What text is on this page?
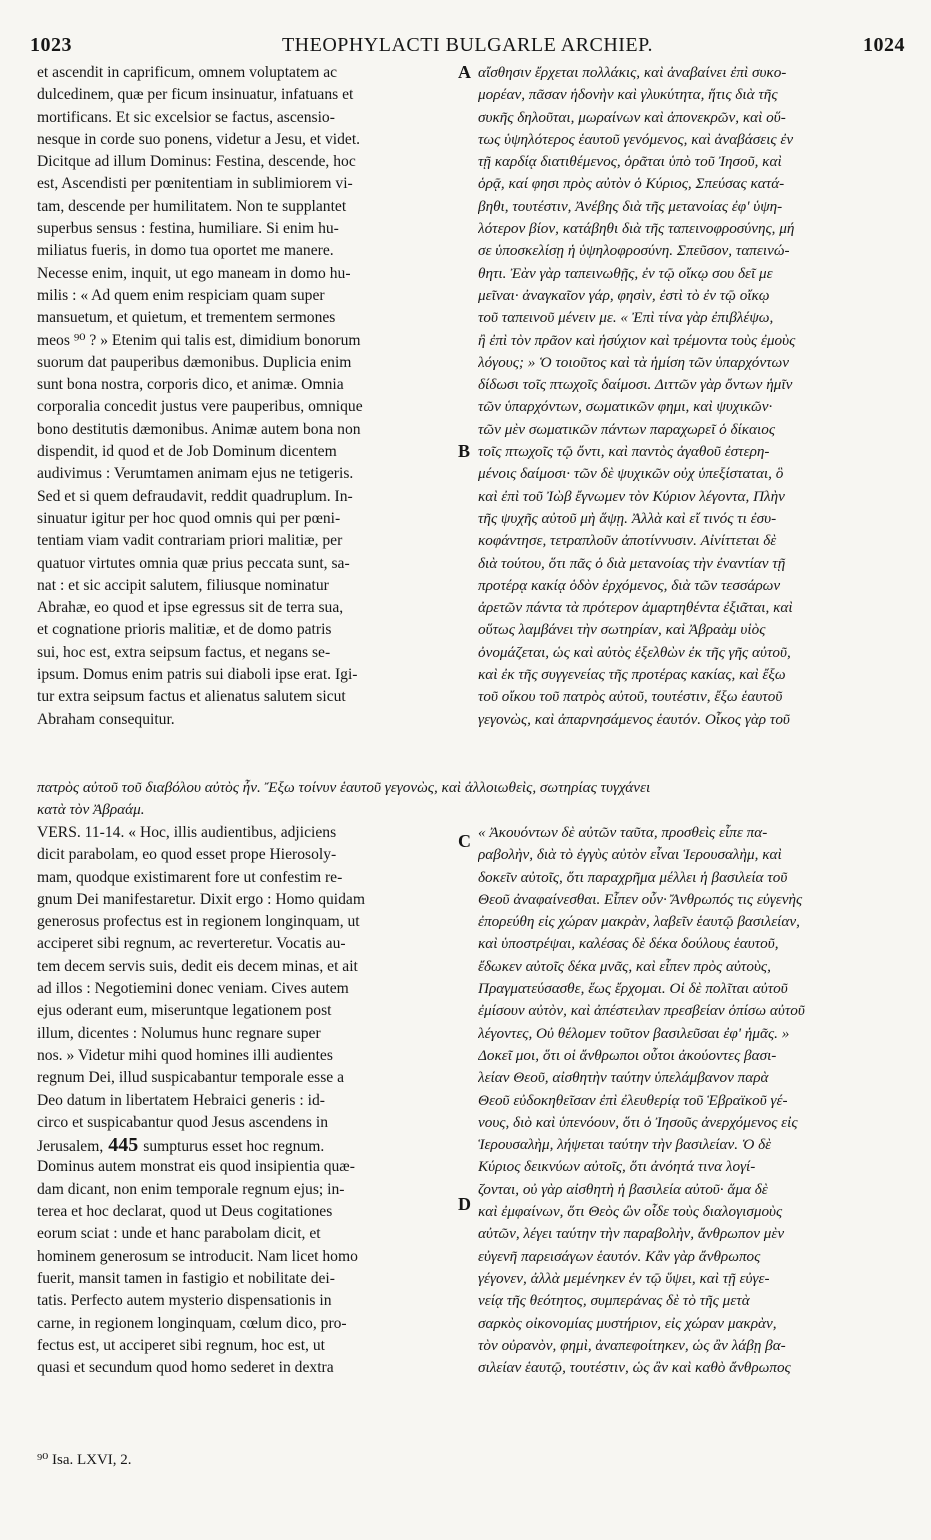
1023	THEOPHYLACTI BULGARLE ARCHIEP.	1024
et ascendit in caprificum, omnem voluptatem ac
dulcedinem, quæ per ficum insinuatur, infatuans et
mortificans. Et sic excelsior se factus, ascensio-
nesque in corde suo ponens, videtur a Jesu, et videt.
Dicitque ad illum Dominus: Festina, descende, hoc
est, Ascendisti per pœnitentiam in sublimiorem vi-
tam, descende per humilitatem. Non te supplantet
superbus sensus : festina, humiliare. Si enim hu-
miliatus fueris, in domo tua oportet me manere.
Necesse enim, inquit, ut ego maneam in domo hu-
milis : « Ad quem enim respiciam quam super
mansuetum, et quietum, et trementem sermones
meos ⁹⁰ ? » Etenim qui talis est, dimidium bonorum
suorum dat pauperibus dæmonibus. Duplicia enim
sunt bona nostra, corporis dico, et animæ. Omnia
corporalia concedit justus vere pauperibus, omnique
bono destitutis dæmonibus. Animæ autem bona non
dispendit, id quod et de Job Dominum dicentem
audivimus : Verumtamen animam ejus ne tetigeris.
Sed et si quem defraudavit, reddit quadruplum. In-
sinuatur igitur per hoc quod omnis qui per pœni-
tentiam viam vadit contrariam priori malitiæ, per
quatuor virtutes omnia quæ prius peccata sunt, sa-
nat : et sic accipit salutem, filiusque nominatur
Abrahæ, eo quod et ipse egressus sit de terra sua,
et cognatione prioris malitiæ, et de domo patris
sui, hoc est, extra seipsum factus, et negans se-
ipsum. Domus enim patris sui diaboli ipse erat. Igi-
tur extra seipsum factus et alienatus salutem sicut
Abraham consequitur.
αἴσθησιν ἔρχεται πολλάκις, καὶ ἀναβαίνει ἐπὶ συκο-
μορέαν, πᾶσαν ἡδονὴν καὶ γλυκύτητα, ἥτις διὰ τῆς
συκῆς δηλοῦται, μωραίνων καὶ ἀπονεκρῶν, καὶ οὕ-
τως ὑψηλότερος ἑαυτοῦ γενόμενος, καὶ ἀναβάσεις ἐν
τῇ καρδίᾳ διατιθέμενος, ὁρᾶται ὑπὸ τοῦ Ἰησοῦ, καὶ
ὁρᾷ, καί φησι πρὸς αὐτὸν ὁ Κύριος, Σπεύσας κατά-
βηθι, τουτέστιν, Ἀνέβης διὰ τῆς μετανοίας ἐφ' ὑψη-
λότερον βίον, κατάβηθι διὰ τῆς ταπεινοφροσύνης, μή
σε ὑποσκελίσῃ ἡ ὑψηλοφροσύνη. Σπεῦσον, ταπεινώ-
θητι. Ἐὰν γὰρ ταπεινωθῇς, ἐν τῷ οἴκῳ σου δεῖ με
μεῖναι· ἀναγκαῖον γάρ, φησὶν, ἐστὶ τὸ ἐν τῷ οἴκῳ
τοῦ ταπεινοῦ μένειν με. « Ἐπὶ τίνα γὰρ ἐπιβλέψω,
ἢ ἐπὶ τὸν πρᾶον καὶ ἡσύχιον καὶ τρέμοντα τοὺς ἐμοὺς
λόγους; » Ὁ τοιοῦτος καὶ τὰ ἡμίση τῶν ὑπαρχόντων
δίδωσι τοῖς πτωχοῖς δαίμοσι. Διττῶν γὰρ ὄντων ἡμῖν
τῶν ὑπαρχόντων, σωματικῶν φημι, καὶ ψυχικῶν·
τῶν μὲν σωματικῶν πάντων παραχωρεῖ ὁ δίκαιος
τοῖς πτωχοῖς τῷ ὄντι, καὶ παντὸς ἀγαθοῦ ἐστερη-
μένοις δαίμοσι· τῶν δὲ ψυχικῶν οὐχ ὑπεξίσταται, ὃ
καὶ ἐπὶ τοῦ Ἰὼβ ἔγνωμεν τὸν Κύριον λέγοντα, Πλὴν
τῆς ψυχῆς αὐτοῦ μὴ ἅψῃ. Ἀλλὰ καὶ εἴ τινός τι ἐσυ-
κοφάντησε, τετραπλοῦν ἀποτίννυσιν. Αἰνίττεται δὲ
διὰ τούτου, ὅτι πᾶς ὁ διὰ μετανοίας τὴν ἐναντίαν τῇ
προτέρᾳ κακίᾳ ὁδὸν ἐρχόμενος, διὰ τῶν τεσσάρων
ἀρετῶν πάντα τὰ πρότερον ἁμαρτηθέντα ἐξιᾶται, καὶ
οὕτως λαμβάνει τὴν σωτηρίαν, καὶ Ἀβραὰμ υἱὸς
ὀνομάζεται, ὡς καὶ αὐτὸς ἐξελθὼν ἐκ τῆς γῆς αὐτοῦ,
καὶ ἐκ τῆς συγγενείας τῆς προτέρας κακίας, καὶ ἔξω
τοῦ οἴκου τοῦ πατρὸς αὐτοῦ, τουτέστιν, ἔξω ἑαυτοῦ
γεγονὼς, καὶ ἀπαρνησάμενος ἑαυτόν. Οἶκος γὰρ τοῦ
πατρὸς αὐτοῦ τοῦ διαβόλου αὐτὸς ἦν. Ἔξω τοίνυν ἑαυτοῦ γεγονὼς, καὶ ἀλλοιωθεὶς, σωτηρίας τυγχάνει
κατὰ τὸν Ἀβραάμ.
VERS. 11-14. « Hoc, illis audientibus, adjiciens
dicit parabolam, eo quod esset prope Hierosoly-
mam, quodque existimarent fore ut confestim re-
gnum Dei manifestaretur. Dixit ergo : Homo quidam
generosus profectus est in regionem longinquam, ut
acciperet sibi regnum, ac reverteretur. Vocatis au-
tem decem servis suis, dedit eis decem minas, et ait
ad illos : Negotiemini donec veniam. Cives autem
ejus oderant eum, miseruntque legationem post
illum, dicentes : Nolumus hunc regnare super
nos. » Videtur mihi quod homines illi audientes
regnum Dei, illud suspicabantur temporale esse a
Deo datum in libertatem Hebraici generis : id-
circo et suspicabantur quod Jesus ascendens in
Jerusalem, 445 sumpturus esset hoc regnum.
Dominus autem monstrat eis quod insipientia quæ-
dam dicant, non enim temporale regnum ejus; in-
terea et hoc declarat, quod ut Deus cogitationes
eorum sciat : unde et hanc parabolam dicit, et
hominem generosum se introducit. Nam licet homo
fuerit, mansit tamen in fastigio et nobilitate dei-
tatis. Perfecto autem mysterio dispensationis in
carne, in regionem longinquam, cœlum dico, pro-
fectus est, ut acciperet sibi regnum, hoc est, ut
quasi et secundum quod homo sederet in dextra
« Ἀκουόντων δὲ αὐτῶν ταῦτα, προσθεὶς εἶπε πα-
ραβολὴν, διὰ τὸ ἐγγὺς αὐτὸν εἶναι Ἱερουσαλὴμ, καὶ
δοκεῖν αὐτοῖς, ὅτι παραχρῆμα μέλλει ἡ βασιλεία τοῦ
Θεοῦ ἀναφαίνεσθαι. Εἶπεν οὖν· Ἄνθρωπός τις εὐγενὴς
ἐπορεύθη εἰς χώραν μακρὰν, λαβεῖν ἑαυτῷ βασιλείαν,
καὶ ὑποστρέψαι, καλέσας δὲ δέκα δούλους ἑαυτοῦ,
ἔδωκεν αὐτοῖς δέκα μνᾶς, καὶ εἶπεν πρὸς αὐτοὺς,
Πραγματεύσασθε, ἕως ἔρχομαι. Οἱ δὲ πολῖται αὐτοῦ
ἐμίσουν αὐτὸν, καὶ ἀπέστειλαν πρεσβείαν ὀπίσω αὐτοῦ
λέγοντες, Οὐ θέλομεν τοῦτον βασιλεῦσαι ἐφ' ἡμᾶς. »
Δοκεῖ μοι, ὅτι οἱ ἄνθρωποι οὗτοι ἀκούοντες βασι-
λείαν Θεοῦ, αἰσθητὴν ταύτην ὑπελάμβανον παρὰ
Θεοῦ εὐδοκηθεῖσαν ἐπὶ ἐλευθερίᾳ τοῦ Ἑβραϊκοῦ γέ-
νους, διὸ καὶ ὑπενόουν, ὅτι ὁ Ἰησοῦς ἀνερχόμενος εἰς
Ἱερουσαλὴμ, λήψεται ταύτην τὴν βασιλείαν. Ὁ δὲ
Κύριος δεικνύων αὐτοῖς, ὅτι ἀνόητά τινα λογί-
ζονται, οὐ γὰρ αἰσθητὴ ἡ βασιλεία αὐτοῦ· ἅμα δὲ
καὶ ἐμφαίνων, ὅτι Θεὸς ὢν οἶδε τοὺς διαλογισμοὺς
αὐτῶν, λέγει ταύτην τὴν παραβολὴν, ἄνθρωπον μὲν
εὐγενῆ παρεισάγων ἑαυτόν. Κἂν γὰρ ἄνθρωπος
γέγονεν, ἀλλὰ μεμένηκεν ἐν τῷ ὕψει, καὶ τῇ εὐγε-
νείᾳ τῆς θεότητος, συμπεράνας δὲ τὸ τῆς μετὰ
σαρκὸς οἰκονομίας μυστήριον, εἰς χώραν μακρὰν,
τὸν οὐρανὸν, φημὶ, ἀναπεφοίτηκεν, ὡς ἂν λάβῃ βα-
σιλείαν ἑαυτῷ, τουτέστιν, ὡς ἂν καὶ καθὸ ἄνθρωπος
A
B
C
D
⁹⁰ Isa. LXVI, 2.
